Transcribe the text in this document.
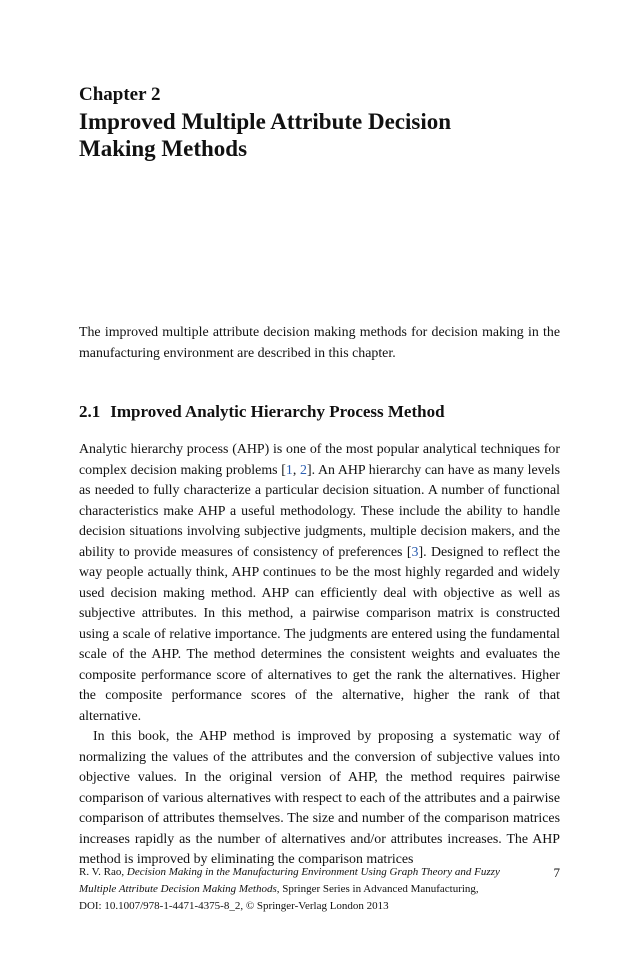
Chapter 2
Improved Multiple Attribute Decision
Making Methods

The improved multiple attribute decision making methods for decision making in the manufacturing environment are described in this chapter.

2.1 Improved Analytic Hierarchy Process Method

Analytic hierarchy process (AHP) is one of the most popular analytical techniques for complex decision making problems [1, 2]. An AHP hierarchy can have as many levels as needed to fully characterize a particular decision situation. A number of functional characteristics make AHP a useful methodology. These include the ability to handle decision situations involving subjective judgments, multiple decision makers, and the ability to provide measures of consistency of preferences [3]. Designed to reflect the way people actually think, AHP continues to be the most highly regarded and widely used decision making method. AHP can efficiently deal with objective as well as subjective attributes. In this method, a pairwise comparison matrix is constructed using a scale of relative importance. The judgments are entered using the fundamental scale of the AHP. The method determines the consistent weights and evaluates the composite performance score of alternatives to get the rank the alternatives. Higher the composite performance scores of the alternative, higher the rank of that alternative.

In this book, the AHP method is improved by proposing a systematic way of normalizing the values of the attributes and the conversion of subjective values into objective values. In the original version of AHP, the method requires pairwise comparison of various alternatives with respect to each of the attributes and a pairwise comparison of attributes themselves. The size and number of the comparison matrices increases rapidly as the number of alternatives and/or attributes increases. The AHP method is improved by eliminating the comparison matrices

R. V. Rao, Decision Making in the Manufacturing Environment Using Graph Theory and Fuzzy
Multiple Attribute Decision Making Methods, Springer Series in Advanced Manufacturing,
DOI: 10.1007/978-1-4471-4375-8_2, © Springer-Verlag London 2013
7
